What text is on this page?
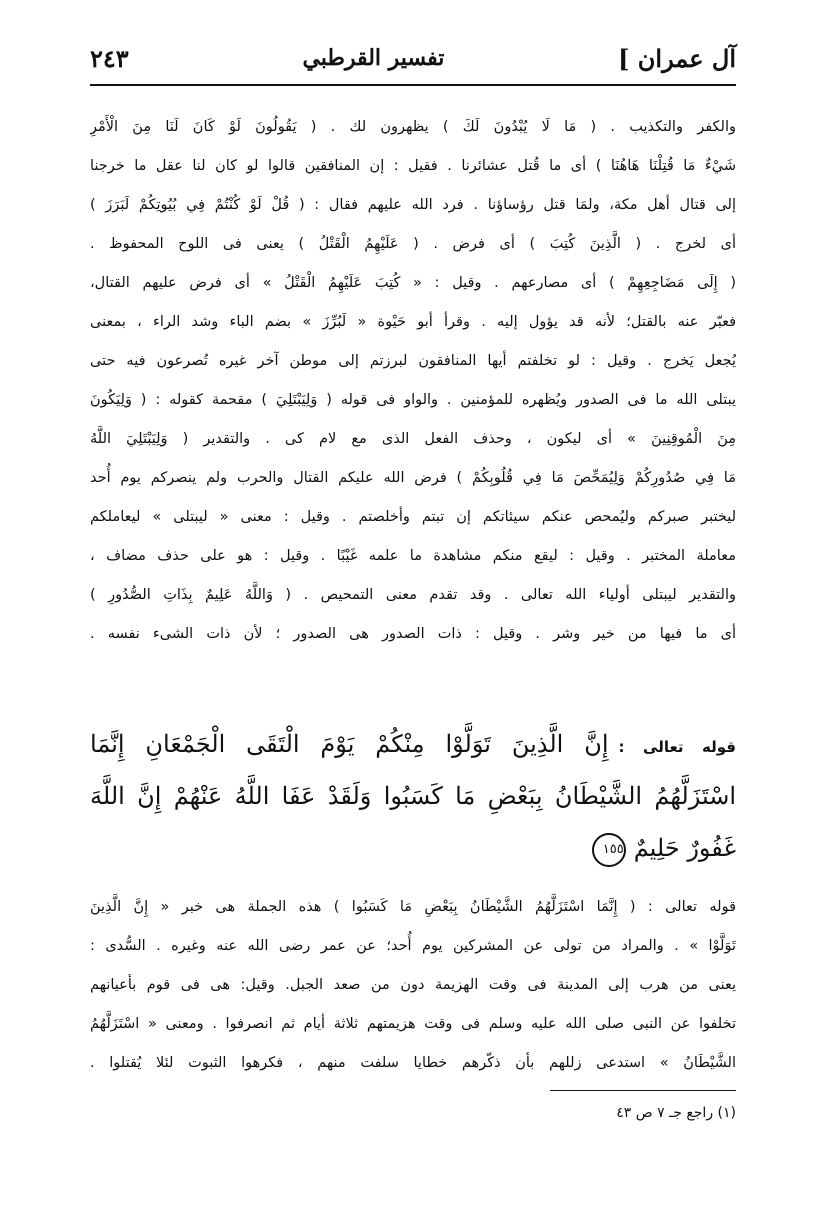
آل عمران ]
تفسير القرطبي
٢٤٣
والكفر والتكذيب . ( مَا لَا يُبْدُونَ لَكَ ) يظهرون لك . ( يَقُولُونَ لَوْ كَانَ لَنَا مِنَ الْأَمْرِ
شَيْءٌ مَا قُتِلْنَا هَاهُنَا ) أى ما قُتل عشائرنا . فقيل : إن المنافقين قالوا لو كان لنا عقل ما خرجنا
إلى قتال أهل مكة، ولمَا قتل رؤساؤنا . فرد الله عليهم فقال : ( قُلْ لَوْ كُنْتُمْ فِي بُيُوتِكُمْ لَبَرَزَ )
أى لخرج . ( الَّذِينَ كُتِبَ ) أى فرض . ( عَلَيْهِمُ الْقَتْلُ ) يعنى فى اللوح المحفوظ .
( إِلَى مَضَاجِعِهِمْ ) أى مصارعهم . وقيل : « كُتِبَ عَلَيْهِمُ الْقَتْلُ » أى فرض عليهم القتال،
فعبّر عنه بالقتل؛ لأنه قد يؤول إليه . وقرأ أبو حَيْوة « لَبُرِّزَ » بضم الباء وشد الراء ، بمعنى
يُجعل يَخرج . وقيل : لو تخلفتم أيها المنافقون لبرزتم إلى موطن آخر غيره تُصرعون فيه حتى
يبتلى الله ما فى الصدور ويُظهره للمؤمنين . والواو فى قوله ( وَلِيَبْتَلِيَ ) مقحمة كقوله : ( وَلِيَكُونَ
مِنَ الْمُوقِنِينَ » أى ليكون ، وحذف الفعل الذى مع لام كى . والتقدير ( وَلِيَبْتَلِيَ اللَّهُ
مَا فِي صُدُورِكُمْ وَلِيُمَحِّصَ مَا فِي قُلُوبِكُمْ ) فرض الله عليكم القتال والحرب ولم ينصركم يوم أُحد
ليختبر صبركم وليُمحص عنكم سيئاتكم إن تبتم وأخلصتم . وقيل : معنى « ليبتلى » ليعاملكم
معاملة المختبر . وقيل : ليقع منكم مشاهدة ما علمه غَيْبًا . وقيل : هو على حذف مضاف ،
والتقدير ليبتلى أولياء الله تعالى . وقد تقدم معنى التمحيص . ( وَاللَّهُ عَلِيمٌ بِذَاتِ الصُّدُورِ )
أى ما فيها من خير وشر . وقيل : ذات الصدور هى الصدور ؛ لأن ذات الشىء نفسه .
قوله تعالى :إِنَّ الَّذِينَ تَوَلَّوْا مِنْكُمْ يَوْمَ الْتَقَى الْجَمْعَانِ إِنَّمَا
اسْتَزَلَّهُمُ الشَّيْطَانُ بِبَعْضِ مَا كَسَبُوا وَلَقَدْ عَفَا اللَّهُ عَنْهُمْ إِنَّ اللَّهَ
غَفُورٌ حَلِيمٌ١٥٥
قوله تعالى : ( إِنَّمَا اسْتَزَلَّهُمُ الشَّيْطَانُ بِبَعْضِ مَا كَسَبُوا ) هذه الجملة هى خبر « إِنَّ الَّذِينَ
تَوَلَّوْا » . والمراد من تولى عن المشركين يوم أُحد؛ عن عمر رضى الله عنه وغيره . السُّدى :
يعنى من هرب إلى المدينة فى وقت الهزيمة دون من صعد الجبل. وقيل: هى فى قوم بأعيانهم
تخلفوا عن النبى صلى الله عليه وسلم فى وقت هزيمتهم ثلاثة أيام ثم انصرفوا . ومعنى « اسْتَزَلَّهُمُ
الشَّيْطَانُ » استدعى زللهم بأن ذكّرهم خطايا سلفت منهم ، فكرهوا الثبوت لئلا يُقتلوا .
(١) راجع جـ ٧ ص ٤٣
